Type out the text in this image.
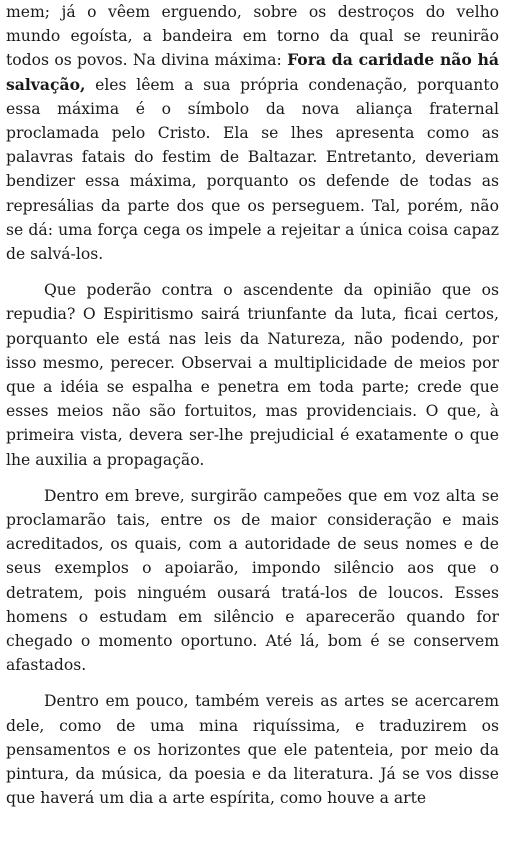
mem; já o vêem erguendo, sobre os destroços do velho mundo egoísta, a bandeira em torno da qual se reunirão todos os povos. Na divina máxima: Fora da caridade não há salvação, eles lêem a sua própria condenação, porquanto essa máxima é o símbolo da nova aliança fraternal proclamada pelo Cristo. Ela se lhes apresenta como as palavras fatais do festim de Baltazar. Entretanto, deveriam bendizer essa máxima, porquanto os defende de todas as represálias da parte dos que os perseguem. Tal, porém, não se dá: uma força cega os impele a rejeitar a única coisa capaz de salvá-los.

Que poderão contra o ascendente da opinião que os repudia? O Espiritismo sairá triunfante da luta, ficai certos, porquanto ele está nas leis da Natureza, não podendo, por isso mesmo, perecer. Observai a multiplicidade de meios por que a idéia se espalha e penetra em toda parte; crede que esses meios não são fortuitos, mas providenciais. O que, à primeira vista, devera ser-lhe prejudicial é exatamente o que lhe auxilia a propagação.

Dentro em breve, surgirão campeões que em voz alta se proclamarão tais, entre os de maior consideração e mais acreditados, os quais, com a autoridade de seus nomes e de seus exemplos o apoiarão, impondo silêncio aos que o detratem, pois ninguém ousará tratá-los de loucos. Esses homens o estudam em silêncio e aparecerão quando for chegado o momento oportuno. Até lá, bom é se conservem afastados.

Dentro em pouco, também vereis as artes se acercarem dele, como de uma mina riquíssima, e traduzirem os pensamentos e os horizontes que ele patenteia, por meio da pintura, da música, da poesia e da literatura. Já se vos disse que haverá um dia a arte espírita, como houve a arte
